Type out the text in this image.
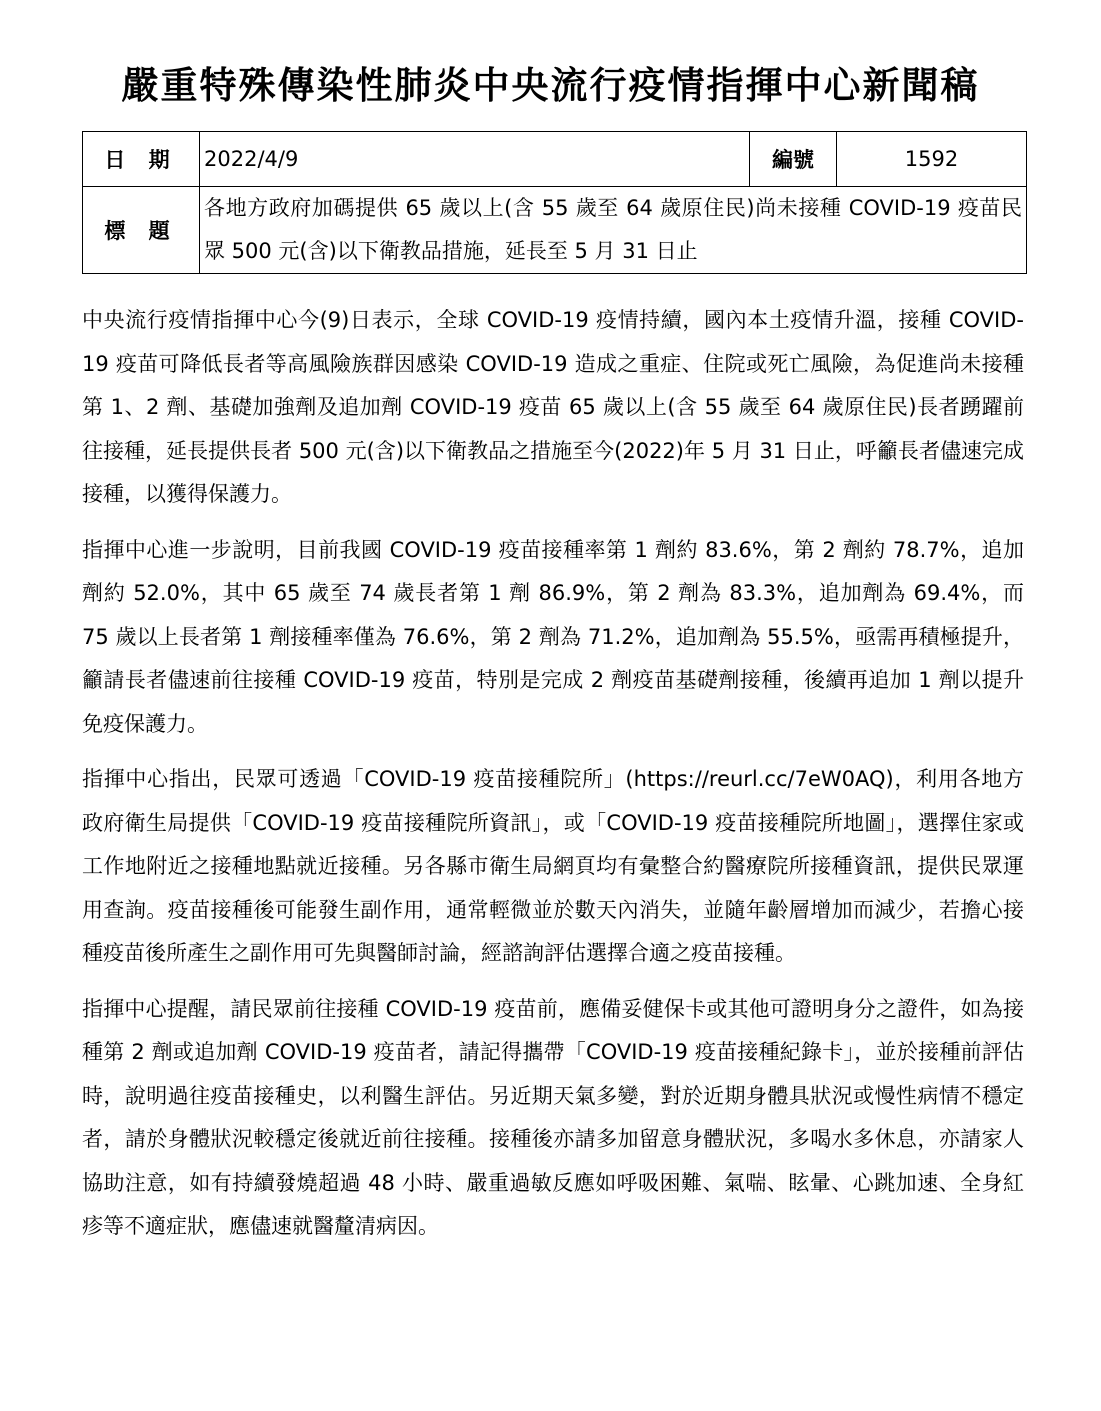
嚴重特殊傳染性肺炎中央流行疫情指揮中心新聞稿
日 期	2022/4/9	編號	1592
標 題	各地方政府加碼提供 65 歲以上(含 55 歲至 64 歲原住民)尚未接種 COVID-19 疫苗民眾 500 元(含)以下衛教品措施，延長至 5 月 31 日止		

中央流行疫情指揮中心今(9)日表示，全球 COVID-19 疫情持續，國內本土疫情升溫，接種 COVID-19 疫苗可降低長者等高風險族群因感染 COVID-19 造成之重症、住院或死亡風險，為促進尚未接種第 1、2 劑、基礎加強劑及追加劑 COVID-19 疫苗 65 歲以上(含 55 歲至 64 歲原住民)長者踴躍前往接種，延長提供長者 500 元(含)以下衛教品之措施至今(2022)年 5 月 31 日止，呼籲長者儘速完成接種，以獲得保護力。

指揮中心進一步說明，目前我國 COVID-19 疫苗接種率第 1 劑約 83.6%，第 2 劑約 78.7%，追加劑約 52.0%，其中 65 歲至 74 歲長者第 1 劑 86.9%，第 2 劑為 83.3%，追加劑為 69.4%，而 75 歲以上長者第 1 劑接種率僅為 76.6%，第 2 劑為 71.2%，追加劑為 55.5%，亟需再積極提升，籲請長者儘速前往接種 COVID-19 疫苗，特別是完成 2 劑疫苗基礎劑接種，後續再追加 1 劑以提升免疫保護力。

指揮中心指出，民眾可透過「COVID-19 疫苗接種院所」(https://reurl.cc/7eW0AQ)，利用各地方政府衛生局提供「COVID-19 疫苗接種院所資訊」，或「COVID-19 疫苗接種院所地圖」，選擇住家或工作地附近之接種地點就近接種。另各縣市衛生局網頁均有彙整合約醫療院所接種資訊，提供民眾運用查詢。疫苗接種後可能發生副作用，通常輕微並於數天內消失，並隨年齡層增加而減少，若擔心接種疫苗後所產生之副作用可先與醫師討論，經諮詢評估選擇合適之疫苗接種。

指揮中心提醒，請民眾前往接種 COVID-19 疫苗前，應備妥健保卡或其他可證明身分之證件，如為接種第 2 劑或追加劑 COVID-19 疫苗者，請記得攜帶「COVID-19 疫苗接種紀錄卡」，並於接種前評估時，說明過往疫苗接種史，以利醫生評估。另近期天氣多變，對於近期身體具狀況或慢性病情不穩定者，請於身體狀況較穩定後就近前往接種。接種後亦請多加留意身體狀況，多喝水多休息，亦請家人協助注意，如有持續發燒超過 48 小時、嚴重過敏反應如呼吸困難、氣喘、眩暈、心跳加速、全身紅疹等不適症狀，應儘速就醫釐清病因。
